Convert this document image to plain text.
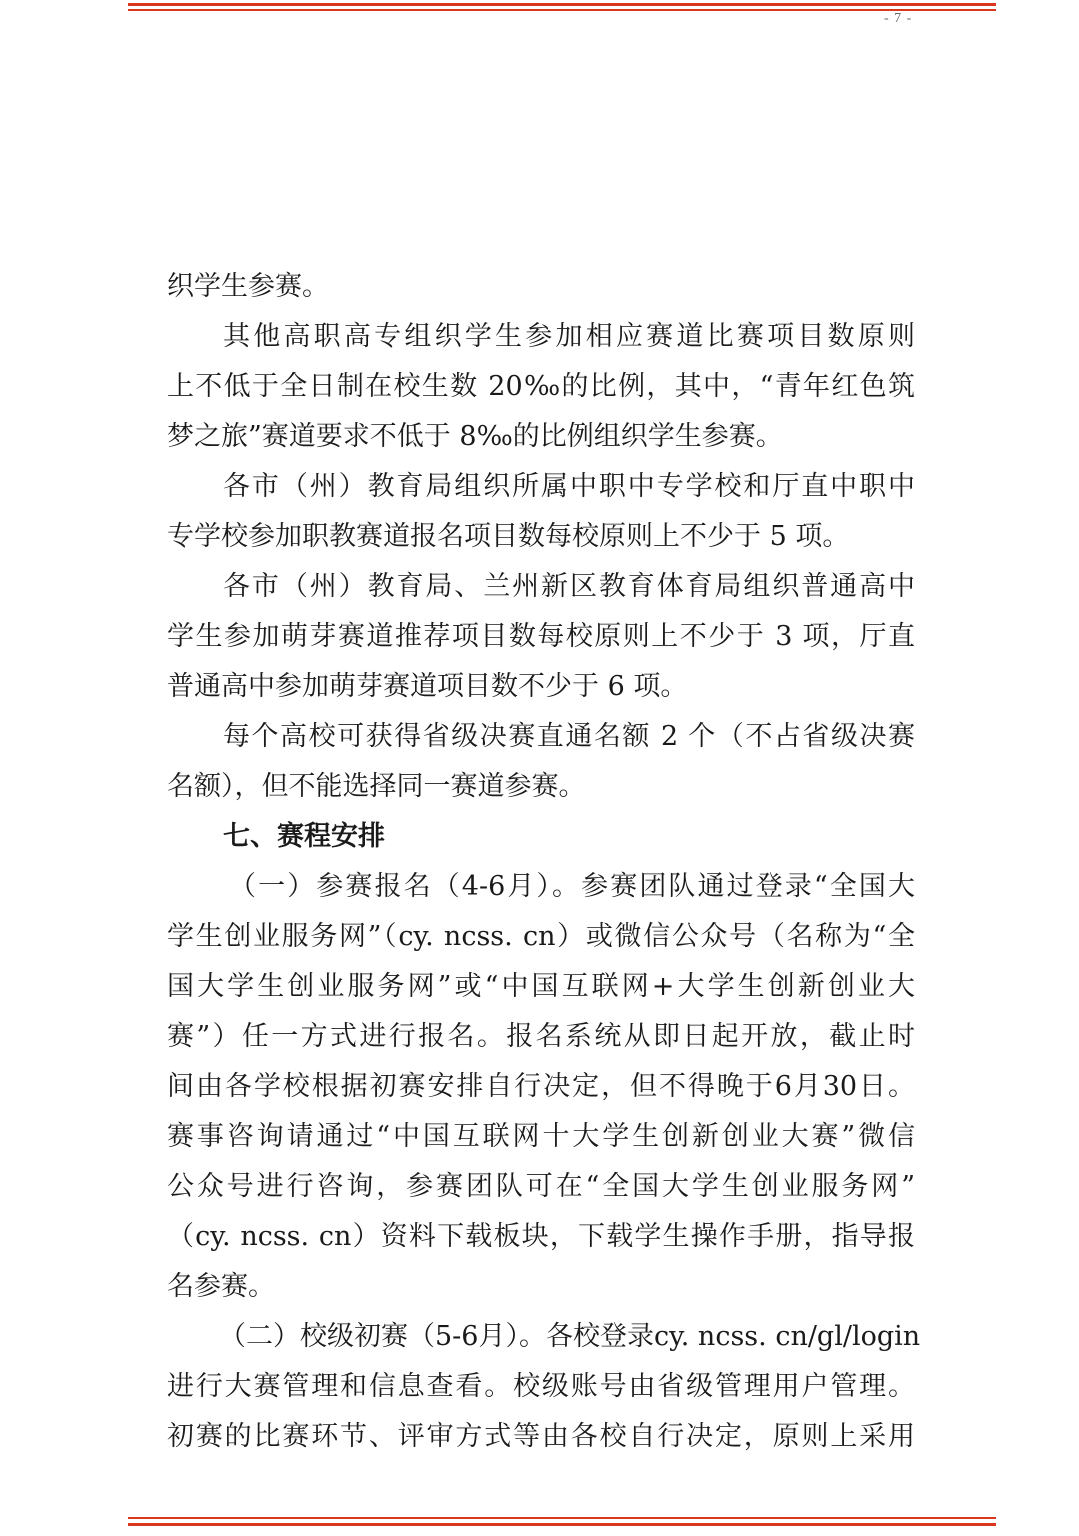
- 7 -
织学生参赛。
其他高职高专组织学生参加相应赛道比赛项目数原则
上不低于全日制在校生数 20‰的比例，其中，“青年红色筑
梦之旅”赛道要求不低于 8‰的比例组织学生参赛。
各市（州）教育局组织所属中职中专学校和厅直中职中
专学校参加职教赛道报名项目数每校原则上不少于 5 项。
各市（州）教育局、兰州新区教育体育局组织普通高中
学生参加萌芽赛道推荐项目数每校原则上不少于 3 项，厅直
普通高中参加萌芽赛道项目数不少于 6 项。
每个高校可获得省级决赛直通名额 2 个（不占省级决赛
名额），但不能选择同一赛道参赛。
七、赛程安排
（一）参赛报名（4-6月）。参赛团队通过登录“全国大
学生创业服务网”（cy. ncss. cn）或微信公众号（名称为“全
国大学生创业服务网”或“中国互联网+大学生创新创业大
赛”）任一方式进行报名。报名系统从即日起开放，截止时
间由各学校根据初赛安排自行决定，但不得晚于6月30日。
赛事咨询请通过“中国互联网十大学生创新创业大赛”微信
公众号进行咨询，参赛团队可在“全国大学生创业服务网”
（cy. ncss. cn）资料下载板块，下载学生操作手册，指导报
名参赛。
（二）校级初赛（5-6月）。各校登录cy. ncss. cn/gl/login
进行大赛管理和信息查看。校级账号由省级管理用户管理。
初赛的比赛环节、评审方式等由各校自行决定，原则上采用
